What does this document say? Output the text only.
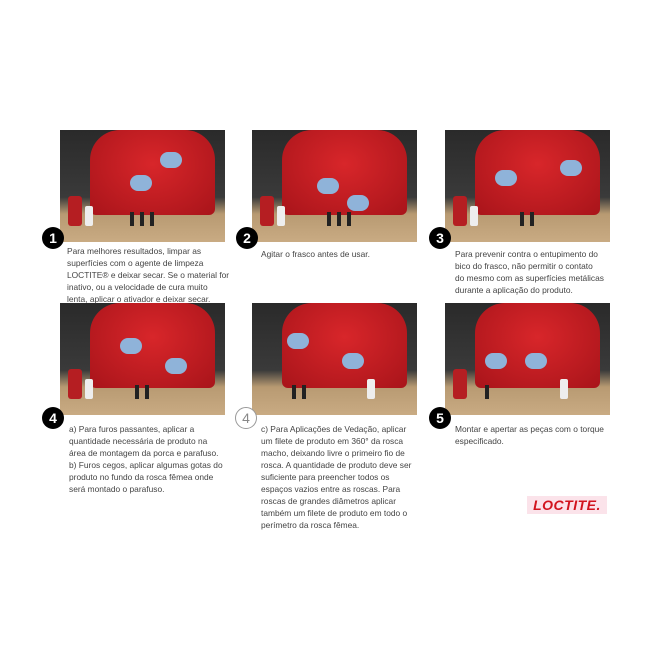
1	2	3
4	4	5
Para melhores resultados, limpar as
superfícies com o agente de limpeza
LOCTITE® e deixar secar. Se o material for
inativo, ou a velocidade de cura muito
lenta, aplicar o ativador e deixar secar.
Agitar o frasco antes de usar.	Para prevenir contra o entupimento do
bico do frasco, não permitir o contato
do mesmo com as superfícies metálicas
durante a aplicação do produto.
a) Para furos passantes, aplicar a
quantidade necessária de produto na
área de montagem da porca e parafuso.
b) Furos cegos, aplicar algumas gotas do
produto no fundo da rosca fêmea onde
será montado o parafuso.
c) Para Aplicações de Vedação, aplicar
um filete de produto em 360° da rosca
macho, deixando livre o primeiro fio de
rosca. A quantidade de produto deve ser
suficiente para preencher todos os
espaços vazios entre as roscas. Para
roscas de grandes diâmetros aplicar
também um filete de produto em todo o
perímetro da rosca fêmea.
Montar e apertar as peças com o torque
especificado.
LOCTITE.
